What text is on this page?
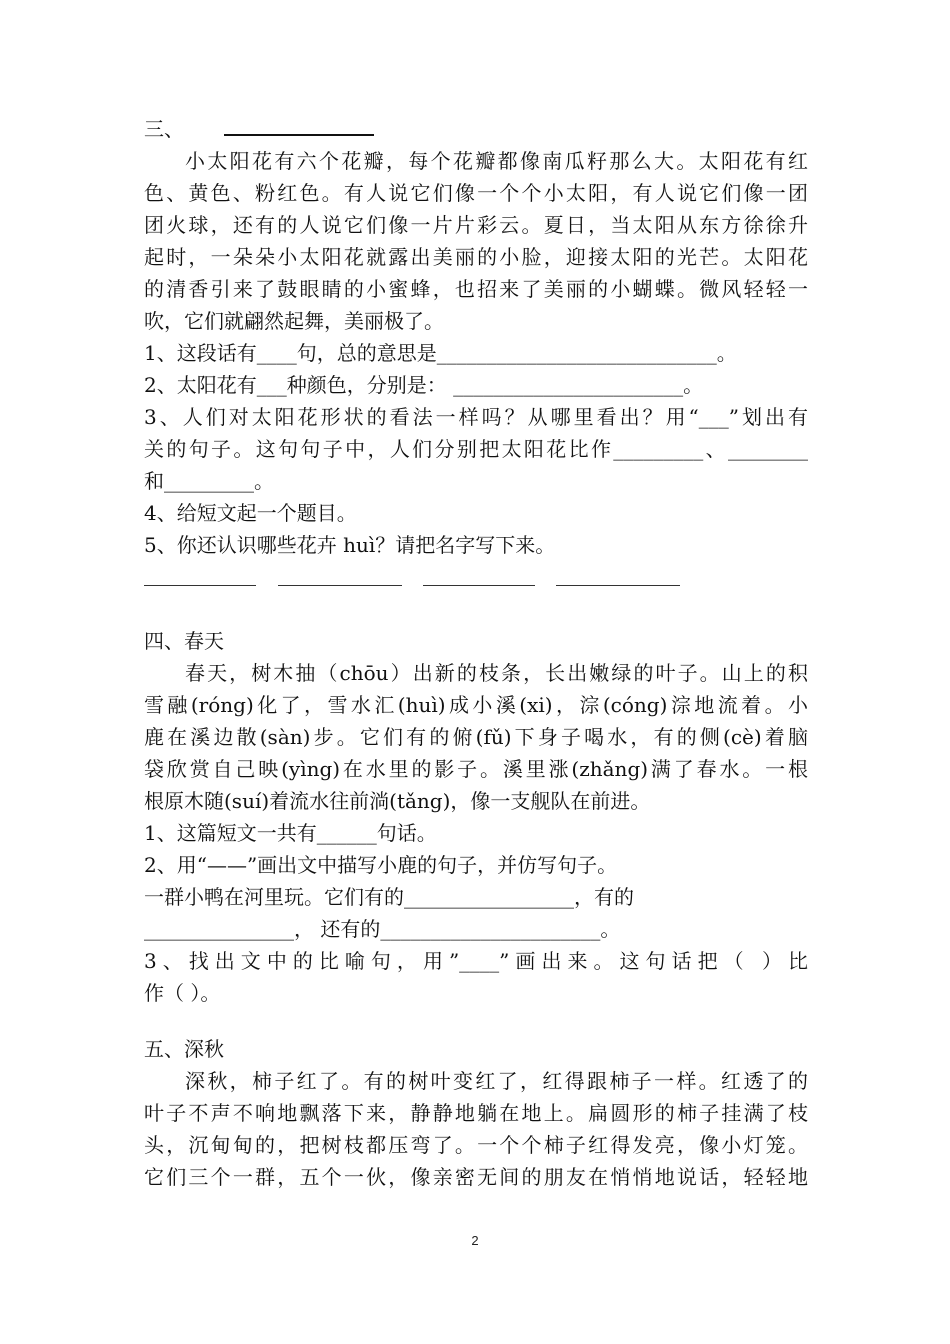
三、
小太阳花有六个花瓣，每个花瓣都像南瓜籽那么大。太阳花有红
色、黄色、粉红色。有人说它们像一个个小太阳，有人说它们像一团
团火球，还有的人说它们像一片片彩云。夏日，当太阳从东方徐徐升
起时，一朵朵小太阳花就露出美丽的小脸，迎接太阳的光芒。太阳花
的清香引来了鼓眼睛的小蜜蜂，也招来了美丽的小蝴蝶。微风轻轻一
吹，它们就翩然起舞，美丽极了。
1、这段话有____句，总的意思是____________________________。
2、太阳花有___种颜色，分别是： _______________________。
3、人们对太阳花形状的看法一样吗？从哪里看出？用“___”划出有
关的句子。这句句子中，人们分别把太阳花比作_________、________
和_________。
4、给短文起一个题目。
5、你还认识哪些花卉 huì？请把名字写下来。
四、春天
春天，树木抽（chōu）出新的枝条，长出嫩绿的叶子。山上的积
雪融(róng)化了，雪水汇(huì)成小溪(xi)，淙(cóng)淙地流着。小
鹿在溪边散(sàn)步。它们有的俯(fǔ)下身子喝水，有的侧(cè)着脑
袋欣赏自己映(yìng)在水里的影子。溪里涨(zhǎng)满了春水。一根
根原木随(suí)着流水往前淌(tǎng)，像一支舰队在前进。
1、这篇短文一共有______句话。
2、用“——”画出文中描写小鹿的句子，并仿写句子。
一群小鸭在河里玩。它们有的_________________，有的
_______________， 还有的______________________。
3、找出文中的比喻句，用”____”画出来。这句话把（ ）比
作（ ）。
五、深秋
深秋，柿子红了。有的树叶变红了，红得跟柿子一样。红透了的
叶子不声不响地飘落下来，静静地躺在地上。扁圆形的柿子挂满了枝
头，沉甸甸的，把树枝都压弯了。一个个柿子红得发亮，像小灯笼。
它们三个一群，五个一伙，像亲密无间的朋友在悄悄地说话，轻轻地
2
